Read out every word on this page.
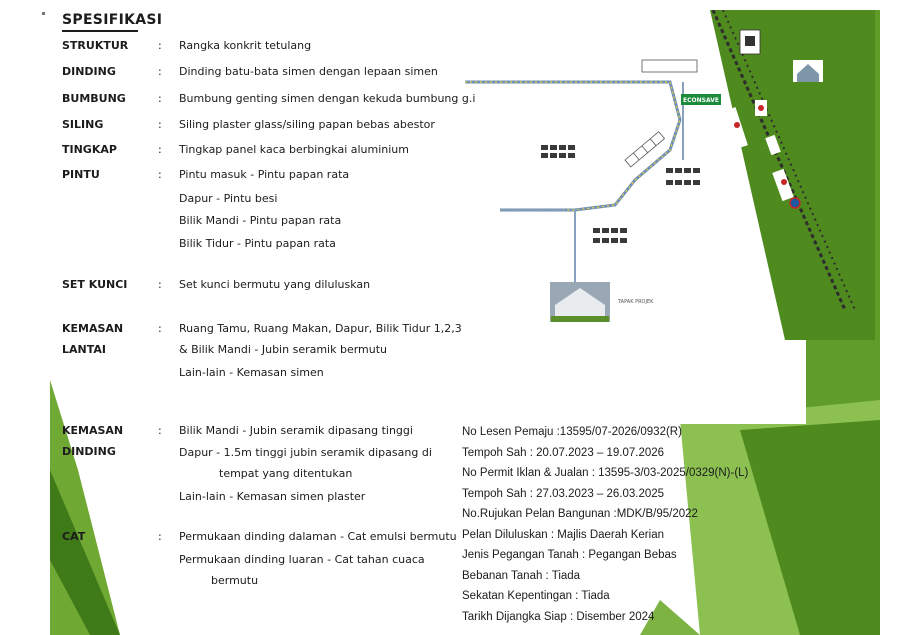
ECONSAVE
TAPAK PROJEK
SPESIFIKASI
STRUKTUR	: Rangka konkrit tetulang
DINDING	: Dinding batu-bata simen dengan lepaan simen
BUMBUNG	: Bumbung genting simen dengan kekuda bumbung g.i
SILING	: Siling plaster glass/siling papan bebas abestor
TINGKAP	: Tingkap panel kaca berbingkai aluminium
PINTU	: Pintu masuk - Pintu papan rata
Dapur - Pintu besi
Bilik Mandi - Pintu papan rata
Bilik Tidur - Pintu papan rata
SET KUNCI	: Set kunci bermutu yang diluluskan
KEMASAN
LANTAI
: Ruang Tamu, Ruang Makan, Dapur, Bilik Tidur 1,2,3
& Bilik Mandi - Jubin seramik bermutu
Lain-lain - Kemasan simen
KEMASAN
DINDING
: Bilik Mandi - Jubin seramik dipasang tinggi
Dapur - 1.5m tinggi jubin seramik dipasang di
tempat yang ditentukan
Lain-lain - Kemasan simen plaster
CAT	: Permukaan dinding dalaman - Cat emulsi bermutu
Permukaan dinding luaran - Cat tahan cuaca
bermutu
No Lesen Pemaju :13595/07-2026/0932(R)
Tempoh Sah : 20.07.2023 – 19.07.2026
No Permit Iklan & Jualan : 13595-3/03-2025/0329(N)-(L)
Tempoh Sah : 27.03.2023 – 26.03.2025
No.Rujukan Pelan Bangunan :MDK/B/95/2022
Pelan Diluluskan : Majlis Daerah Kerian
Jenis Pegangan Tanah : Pegangan Bebas
Bebanan Tanah : Tiada
Sekatan Kepentingan : Tiada
Tarikh Dijangka Siap : Disember 2024
